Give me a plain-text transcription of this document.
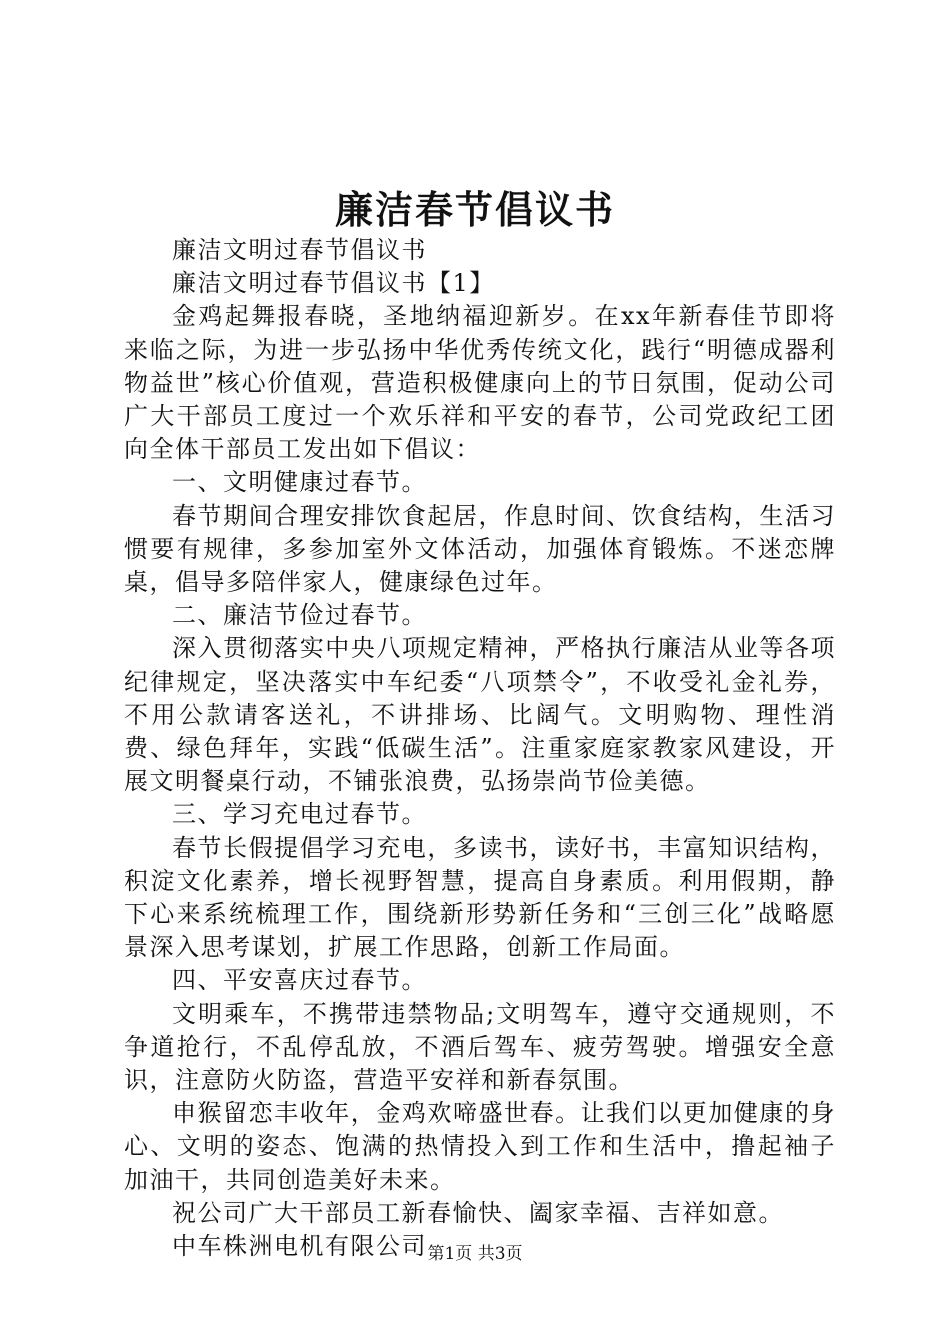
廉洁春节倡议书

廉洁文明过春节倡议书

廉洁文明过春节倡议书【1】

金鸡起舞报春晓，圣地纳福迎新岁。在xx年新春佳节即将来临之际，为进一步弘扬中华优秀传统文化，践行“明德成器利物益世”核心价值观，营造积极健康向上的节日氛围，促动公司广大干部员工度过一个欢乐祥和平安的春节，公司党政纪工团向全体干部员工发出如下倡议：

一、文明健康过春节。

春节期间合理安排饮食起居，作息时间、饮食结构，生活习惯要有规律，多参加室外文体活动，加强体育锻炼。不迷恋牌桌，倡导多陪伴家人，健康绿色过年。

二、廉洁节俭过春节。

深入贯彻落实中央八项规定精神，严格执行廉洁从业等各项纪律规定，坚决落实中车纪委“八项禁令”，不收受礼金礼券，不用公款请客送礼，不讲排场、比阔气。文明购物、理性消费、绿色拜年，实践“低碳生活”。注重家庭家教家风建设，开展文明餐桌行动，不铺张浪费，弘扬崇尚节俭美德。

三、学习充电过春节。

春节长假提倡学习充电，多读书，读好书，丰富知识结构，积淀文化素养，增长视野智慧，提高自身素质。利用假期，静下心来系统梳理工作，围绕新形势新任务和“三创三化”战略愿景深入思考谋划，扩展工作思路，创新工作局面。

四、平安喜庆过春节。

文明乘车，不携带违禁物品;文明驾车，遵守交通规则，不争道抢行，不乱停乱放，不酒后驾车、疲劳驾驶。增强安全意识，注意防火防盗，营造平安祥和新春氛围。

申猴留恋丰收年，金鸡欢啼盛世春。让我们以更加健康的身心、文明的姿态、饱满的热情投入到工作和生活中，撸起袖子加油干，共同创造美好未来。

祝公司广大干部员工新春愉快、阖家幸福、吉祥如意。

中车株洲电机有限公司 第1页 共3页
